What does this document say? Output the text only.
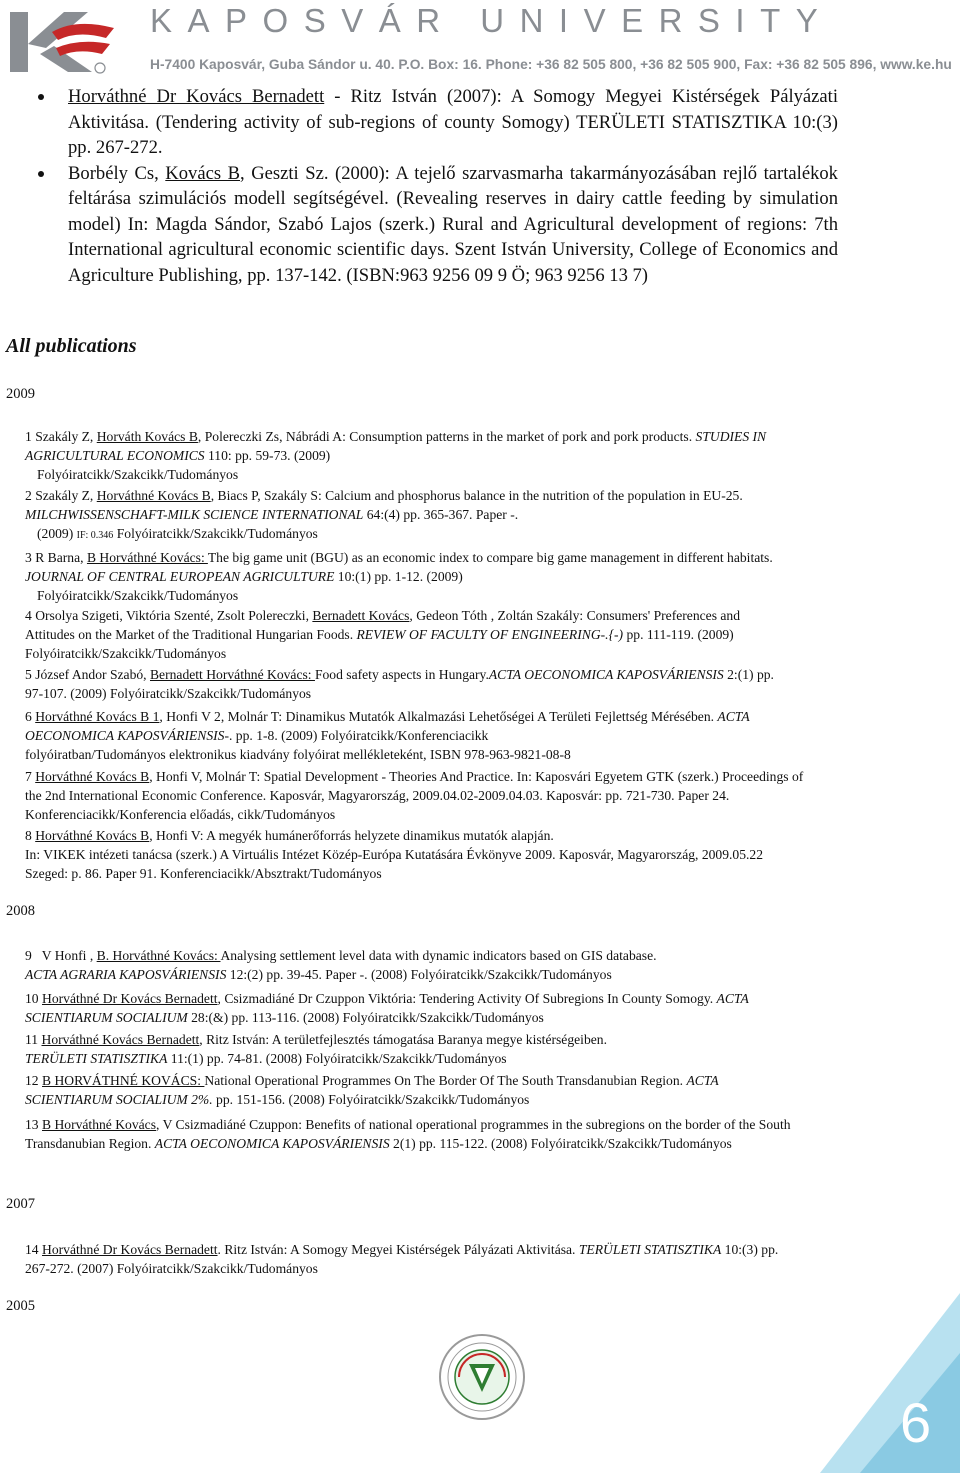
KAPOSVÁR UNIVERSITY
H-7400 Kaposvár, Guba Sándor u. 40. P.O. Box: 16. Phone: +36 82 505 800, +36 82 505 900, Fax: +36 82 505 896, www.ke.hu
Horváthné Dr Kovács Bernadett - Ritz István (2007): A Somogy Megyei Kistérségek Pályázati Aktivitása. (Tendering activity of sub-regions of county Somogy) TERÜLETI STATISZTIKA 10:(3) pp. 267-272.
Borbély Cs, Kovács B, Geszti Sz. (2000): A tejelő szarvasmarha takarmányozásában rejlő tartalékok feltárása szimulációs modell segítségével. (Revealing reserves in dairy cattle feeding by simulation model) In: Magda Sándor, Szabó Lajos (szerk.) Rural and Agricultural development of regions: 7th International agricultural economic scientific days. Szent István University, College of Economics and Agriculture Publishing, pp. 137-142. (ISBN:963 9256 09 9 Ö; 963 9256 13 7)
All publications
2009
2008
2007
2005
1 Szakály Z, Horváth Kovács B, Polereczki Zs, Nábrádi A: Consumption patterns in the market of pork and pork products. STUDIES IN AGRICULTURAL ECONOMICS 110: pp. 59-73. (2009)
Folyóiratcikk/Szakcikk/Tudományos
2 Szakály Z, Horváthné Kovács B, Biacs P, Szakály S: Calcium and phosphorus balance in the nutrition of the population in EU-25. MILCHWISSENSCHAFT-MILK SCIENCE INTERNATIONAL 64:(4) pp. 365-367. Paper -.
(2009) IF: 0.346 Folyóiratcikk/Szakcikk/Tudományos
3 R Barna, B Horváthné Kovács: The big game unit (BGU) as an economic index to compare big game management in different habitats. JOURNAL OF CENTRAL EUROPEAN AGRICULTURE 10:(1) pp. 1-12. (2009)
Folyóiratcikk/Szakcikk/Tudományos
4 Orsolya Szigeti, Viktória Szenté, Zsolt Polereczki, Bernadett Kovács, Gedeon Tóth , Zoltán Szakály: Consumers' Preferences and Attitudes on the Market of the Traditional Hungarian Foods. REVIEW OF FACULTY OF ENGINEERING-.{-) pp. 111-119. (2009) Folyóiratcikk/Szakcikk/Tudományos
5 József Andor Szabó, Bernadett Horváthné Kovács: Food safety aspects in Hungary.ACTA OECONOMICA KAPOSVÁRIENSIS 2:(1) pp. 97-107. (2009) Folyóiratcikk/Szakcikk/Tudományos
6 Horváthné Kovács B 1, Honfi V 2, Molnár T: Dinamikus Mutatók Alkalmazási Lehetőségei A Területi Fejlettség Mérésében. ACTA OECONOMICA KAPOSVÁRIENSIS-. pp. 1-8. (2009) Folyóiratcikk/Konferenciacikk
folyóiratban/Tudományos elektronikus kiadvány folyóirat mellékleteként, ISBN 978-963-9821-08-8
7 Horváthné Kovács B, Honfi V, Molnár T: Spatial Development - Theories And Practice. In: Kaposvári Egyetem GTK (szerk.) Proceedings of the 2nd International Economic Conference. Kaposvár, Magyarország, 2009.04.02-2009.04.03. Kaposvár: pp. 721-730. Paper 24. Konferenciacikk/Konferencia előadás, cikk/Tudományos
8 Horváthné Kovács B, Honfi V: A megyék humánerőforrás helyzete dinamikus mutatók alapján.
In: VIKEK intézeti tanácsa (szerk.) A Virtuális Intézet Közép-Európa Kutatására Évkönyve 2009. Kaposvár, Magyarország, 2009.05.22 Szeged: p. 86. Paper 91. Konferenciacikk/Absztrakt/Tudományos
9 V Honfi , B. Horváthné Kovács: Analysing settlement level data with dynamic indicators based on GIS database.
ACTA AGRARIA KAPOSVÁRIENSIS 12:(2) pp. 39-45. Paper -. (2008) Folyóiratcikk/Szakcikk/Tudományos
10 Horváthné Dr Kovács Bernadett, Csizmadiáné Dr Czuppon Viktória: Tendering Activity Of Subregions In County Somogy. ACTA SCIENTIARUM SOCIALIUM 28:(&) pp. 113-116. (2008) Folyóiratcikk/Szakcikk/Tudományos
11 Horváthné Kovács Bernadett, Ritz István: A területfejlesztés támogatása Baranya megye kistérségeiben.
TERÜLETI STATISZTIKA 11:(1) pp. 74-81. (2008) Folyóiratcikk/Szakcikk/Tudományos
12 B HORVÁTHNÉ KOVÁCS: National Operational Programmes On The Border Of The South Transdanubian Region. ACTA SCIENTIARUM SOCIALIUM 2%. pp. 151-156. (2008) Folyóiratcikk/Szakcikk/Tudományos
13 B Horváthné Kovács, V Csizmadiáné Czuppon: Benefits of national operational programmes in the subregions on the border of the South Transdanubian Region. ACTA OECONOMICA KAPOSVÁRIENSIS 2(1) pp. 115-122. (2008) Folyóiratcikk/Szakcikk/Tudományos
14 Horváthné Dr Kovács Bernadett. Ritz István: A Somogy Megyei Kistérségek Pályázati Aktivitása. TERÜLETI STATISZTIKA 10:(3) pp. 267-272. (2007) Folyóiratcikk/Szakcikk/Tudományos
6
